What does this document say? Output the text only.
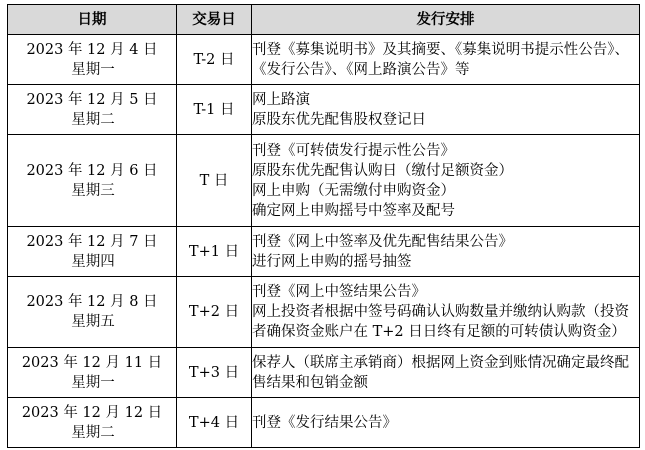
日期	交易日	发行安排

2023 年 12 月 4 日
星期一	T-2 日	刊登《募集说明书》及其摘要、《募集说明书提示性公告》、
《发行公告》、《网上路演公告》等

2023 年 12 月 5 日
星期二	T-1 日	网上路演
原股东优先配售股权登记日

2023 年 12 月 6 日
星期三	T 日	刊登《可转债发行提示性公告》
原股东优先配售认购日（缴付足额资金）
网上申购（无需缴付申购资金）
确定网上申购摇号中签率及配号

2023 年 12 月 7 日
星期四	T+1 日	刊登《网上中签率及优先配售结果公告》
进行网上申购的摇号抽签

2023 年 12 月 8 日
星期五	T+2 日	刊登《网上中签结果公告》
网上投资者根据中签号码确认认购数量并缴纳认购款（投资
者确保资金账户在 T+2 日日终有足额的可转债认购资金）

2023 年 12 月 11 日
星期一	T+3 日	保荐人（联席主承销商）根据网上资金到账情况确定最终配
售结果和包销金额

2023 年 12 月 12 日
星期二	T+4 日	刊登《发行结果公告》
